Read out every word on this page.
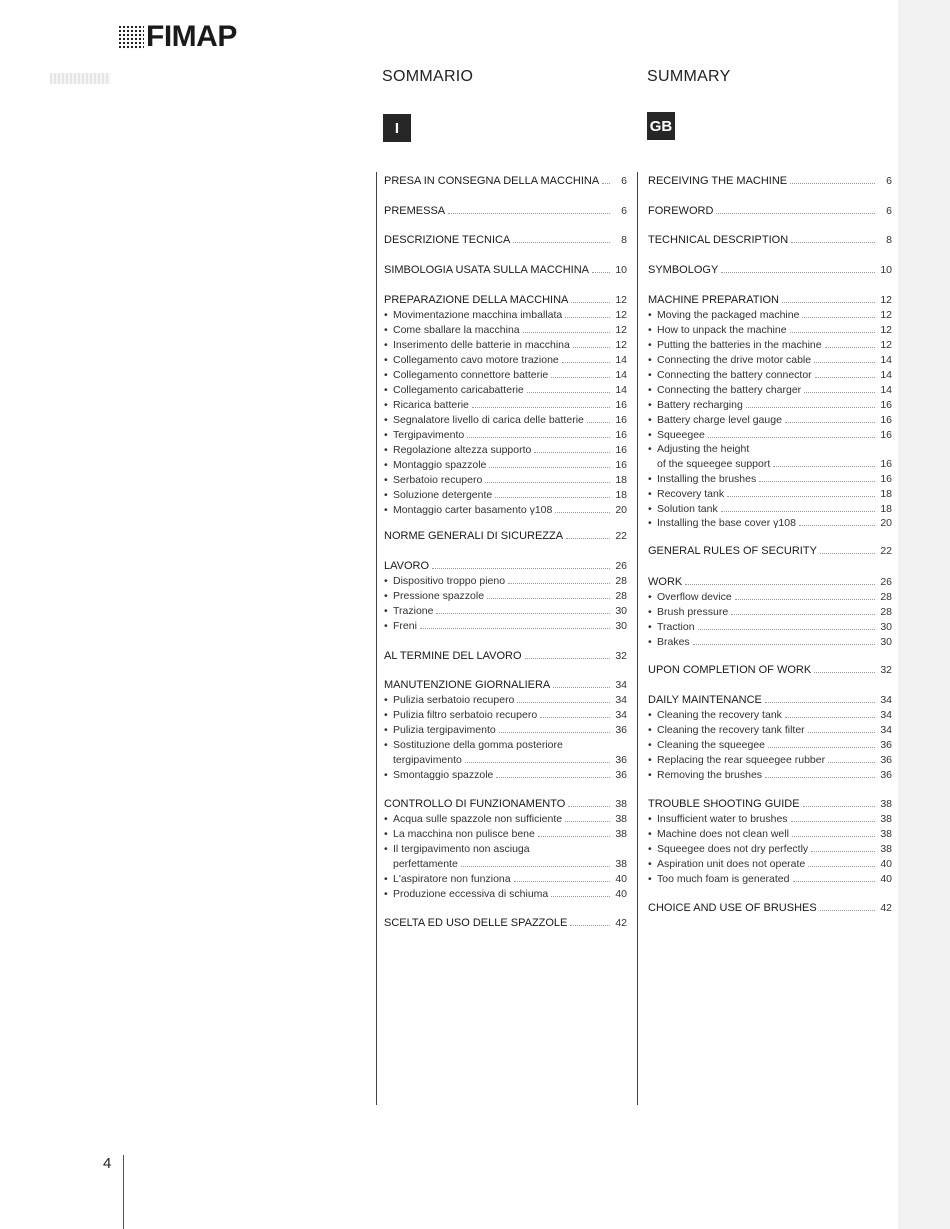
FIMAP
SOMMARIO	SUMMARY
I	GB
PRESA IN CONSEGNA DELLA MACCHINA	6
PREMESSA	6
DESCRIZIONE TECNICA	8
SIMBOLOGIA USATA SULLA MACCHINA	10
PREPARAZIONE DELLA MACCHINA	12
• Movimentazione macchina imballata	12
• Come sballare la macchina	12
• Inserimento delle batterie in macchina	12
• Collegamento cavo motore trazione	14
• Collegamento connettore batterie	14
• Collegamento caricabatterie	14
• Ricarica batterie	16
• Segnalatore livello di carica delle batterie	16
• Tergipavimento	16
• Regolazione altezza supporto	16
• Montaggio spazzole	16
• Serbatoio recupero	18
• Soluzione detergente	18
• Montaggio carter basamento γ108	20
NORME GENERALI DI SICUREZZA	22
LAVORO	26
• Dispositivo troppo pieno	28
• Pressione spazzole	28
• Trazione	30
• Freni	30
AL TERMINE DEL LAVORO	32
MANUTENZIONE GIORNALIERA	34
• Pulizia serbatoio recupero	34
• Pulizia filtro serbatoio recupero	34
• Pulizia tergipavimento	36
• Sostituzione della gomma posteriore
tergipavimento	36
• Smontaggio spazzole	36
CONTROLLO DI FUNZIONAMENTO	38
• Acqua sulle spazzole non sufficiente	38
• La macchina non pulisce bene	38
• Il tergipavimento non asciuga
perfettamente	38
• L'aspiratore non funziona	40
• Produzione eccessiva di schiuma	40
SCELTA ED USO DELLE SPAZZOLE	42
RECEIVING THE MACHINE	6
FOREWORD	6
TECHNICAL DESCRIPTION	8
SYMBOLOGY	10
MACHINE PREPARATION	12
• Moving the packaged machine	12
• How to unpack the machine	12
• Putting the batteries in the machine	12
• Connecting the drive motor cable	14
• Connecting the battery connector	14
• Connecting the battery charger	14
• Battery recharging	16
• Battery charge level gauge	16
• Squeegee	16
• Adjusting the height
of the squeegee support	16
• Installing the brushes	16
• Recovery tank	18
• Solution tank	18
• Installing the base cover γ108	20
GENERAL RULES OF SECURITY	22
WORK	26
• Overflow device	28
• Brush pressure	28
• Traction	30
• Brakes	30
UPON COMPLETION OF WORK	32
DAILY MAINTENANCE	34
• Cleaning the recovery tank	34
• Cleaning the recovery tank filter	34
• Cleaning the squeegee	36
• Replacing the rear squeegee rubber	36
• Removing the brushes	36
TROUBLE SHOOTING GUIDE	38
• Insufficient water to brushes	38
• Machine does not clean well	38
• Squeegee does not dry perfectly	38
• Aspiration unit does not operate	40
• Too much foam is generated	40
CHOICE AND USE OF BRUSHES	42
4
